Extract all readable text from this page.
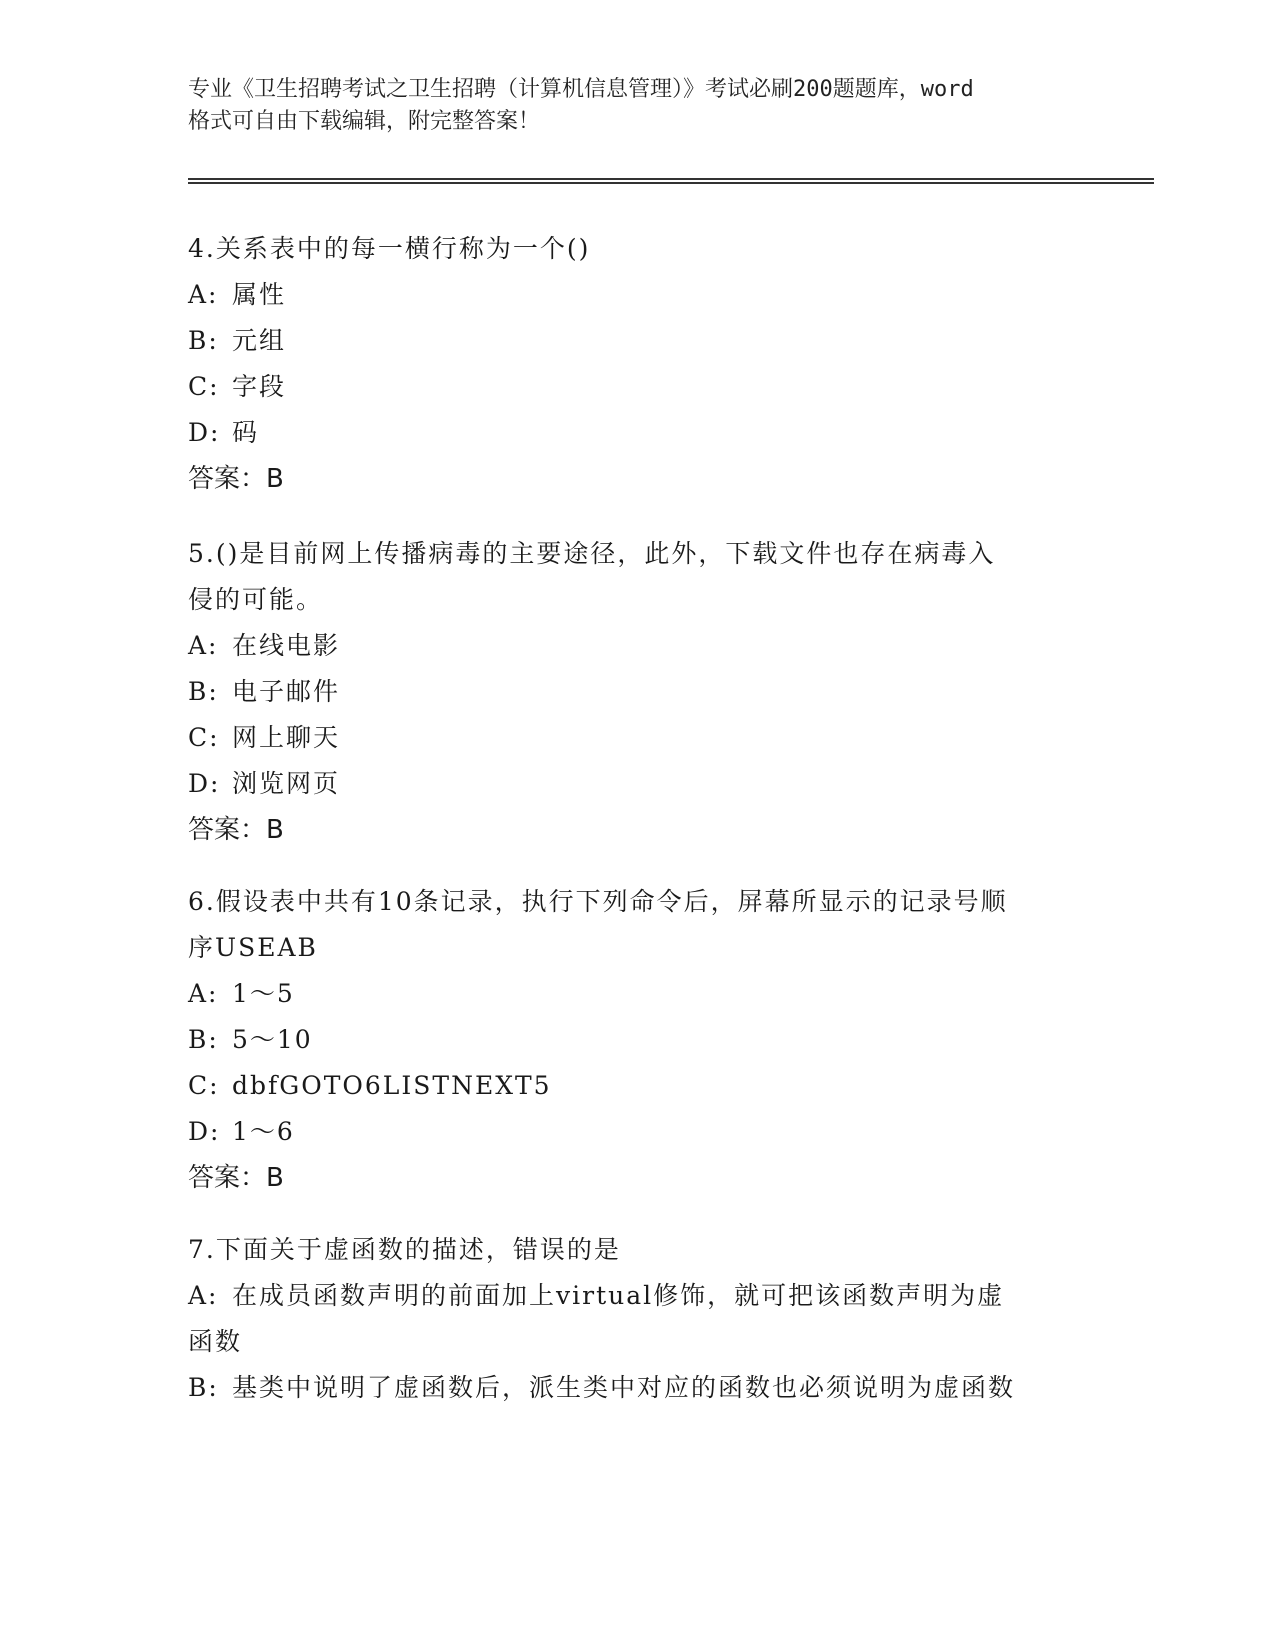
专业《卫生招聘考试之卫生招聘（计算机信息管理）》考试必刷200题题库，word
格式可自由下载编辑，附完整答案！
4.关系表中的每一横行称为一个()
A: 属性
B: 元组
C: 字段
D: 码
答案：B
5.()是目前网上传播病毒的主要途径，此外，下载文件也存在病毒入
侵的可能。
A: 在线电影
B: 电子邮件
C: 网上聊天
D: 浏览网页
答案：B
6.假设表中共有10条记录，执行下列命令后，屏幕所显示的记录号顺
序USEAB
A: 1～5
B: 5～10
C: dbfGOTO6LISTNEXT5
D: 1～6
答案：B
7.下面关于虚函数的描述，错误的是
A: 在成员函数声明的前面加上virtual修饰，就可把该函数声明为虚
函数
B: 基类中说明了虚函数后，派生类中对应的函数也必须说明为虚函数
